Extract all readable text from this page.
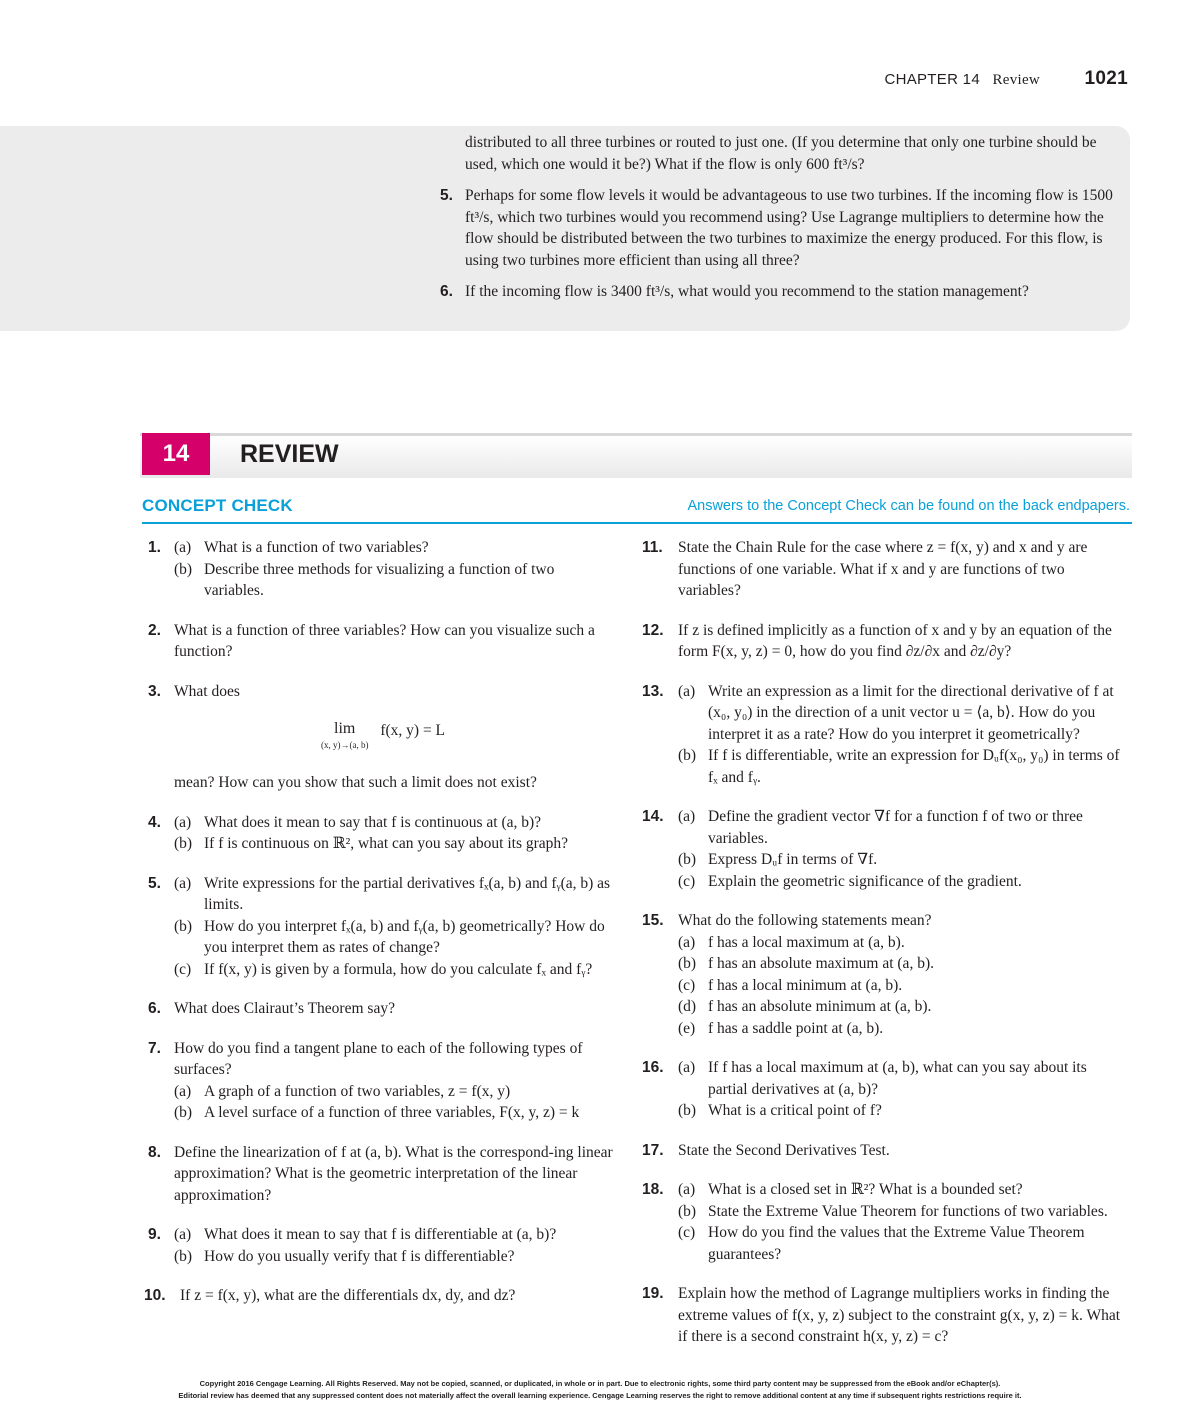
CHAPTER 14 Review 1021

distributed to all three turbines or routed to just one. (If you determine that only one turbine should be used, which one would it be?) What if the flow is only 600 ft³/s?

5. Perhaps for some flow levels it would be advantageous to use two turbines. If the incoming flow is 1500 ft³/s, which two turbines would you recommend using? Use Lagrange multipliers to determine how the flow should be distributed between the two turbines to maximize the energy produced. For this flow, is using two turbines more efficient than using all three?
6. If the incoming flow is 3400 ft³/s, what would you recommend to the station management?
14	REVIEW
CONCEPT CHECK	Answers to the Concept Check can be found on the back endpapers.
1. (a) What is a function of two variables?
(b) Describe three methods for visualizing a function of two variables.
2. What is a function of three variables? How can you visualize such a function?
3. What does
lim
(x, y)→(a, b)
f(x, y) = L
mean? How can you show that such a limit does not exist?
4. (a) What does it mean to say that f is continuous at (a, b)?
(b) If f is continuous on ℝ², what can you say about its graph?
5. (a) Write expressions for the partial derivatives fₓ(a, b) and fᵧ(a, b) as limits.
(b) How do you interpret fₓ(a, b) and fᵧ(a, b) geometrically? How do you interpret them as rates of change?
(c) If f(x, y) is given by a formula, how do you calculate fₓ and fᵧ?
6. What does Clairaut’s Theorem say?
7. How do you find a tangent plane to each of the following types of surfaces?
(a) A graph of a function of two variables, z = f(x, y)
(b) A level surface of a function of three variables, F(x, y, z) = k
8. Define the linearization of f at (a, b). What is the correspond-ing linear approximation? What is the geometric interpretation of the linear approximation?
9. (a) What does it mean to say that f is differentiable at (a, b)?
(b) How do you usually verify that f is differentiable?
10. If z = f(x, y), what are the differentials dx, dy, and dz?
11. State the Chain Rule for the case where z = f(x, y) and x and y are functions of one variable. What if x and y are functions of two variables?
12. If z is defined implicitly as a function of x and y by an equation of the form F(x, y, z) = 0, how do you find ∂z/∂x and ∂z/∂y?
13. (a) Write an expression as a limit for the directional derivative of f at (x₀, y₀) in the direction of a unit vector u = ⟨a, b⟩. How do you interpret it as a rate? How do you interpret it geometrically?
(b) If f is differentiable, write an expression for Dᵤf(x₀, y₀) in terms of fₓ and fᵧ.
14. (a) Define the gradient vector ∇f for a function f of two or three variables.
(b) Express Dᵤf in terms of ∇f.
(c) Explain the geometric significance of the gradient.
15. What do the following statements mean?
(a) f has a local maximum at (a, b).
(b) f has an absolute maximum at (a, b).
(c) f has a local minimum at (a, b).
(d) f has an absolute minimum at (a, b).
(e) f has a saddle point at (a, b).
16. (a) If f has a local maximum at (a, b), what can you say about its partial derivatives at (a, b)?
(b) What is a critical point of f?
17. State the Second Derivatives Test.
18. (a) What is a closed set in ℝ²? What is a bounded set?
(b) State the Extreme Value Theorem for functions of two variables.
(c) How do you find the values that the Extreme Value Theorem guarantees?
19. Explain how the method of Lagrange multipliers works in finding the extreme values of f(x, y, z) subject to the constraint g(x, y, z) = k. What if there is a second constraint h(x, y, z) = c?
Copyright 2016 Cengage Learning. All Rights Reserved. May not be copied, scanned, or duplicated, in whole or in part. Due to electronic rights, some third party content may be suppressed from the eBook and/or eChapter(s).
Editorial review has deemed that any suppressed content does not materially affect the overall learning experience. Cengage Learning reserves the right to remove additional content at any time if subsequent rights restrictions require it.
